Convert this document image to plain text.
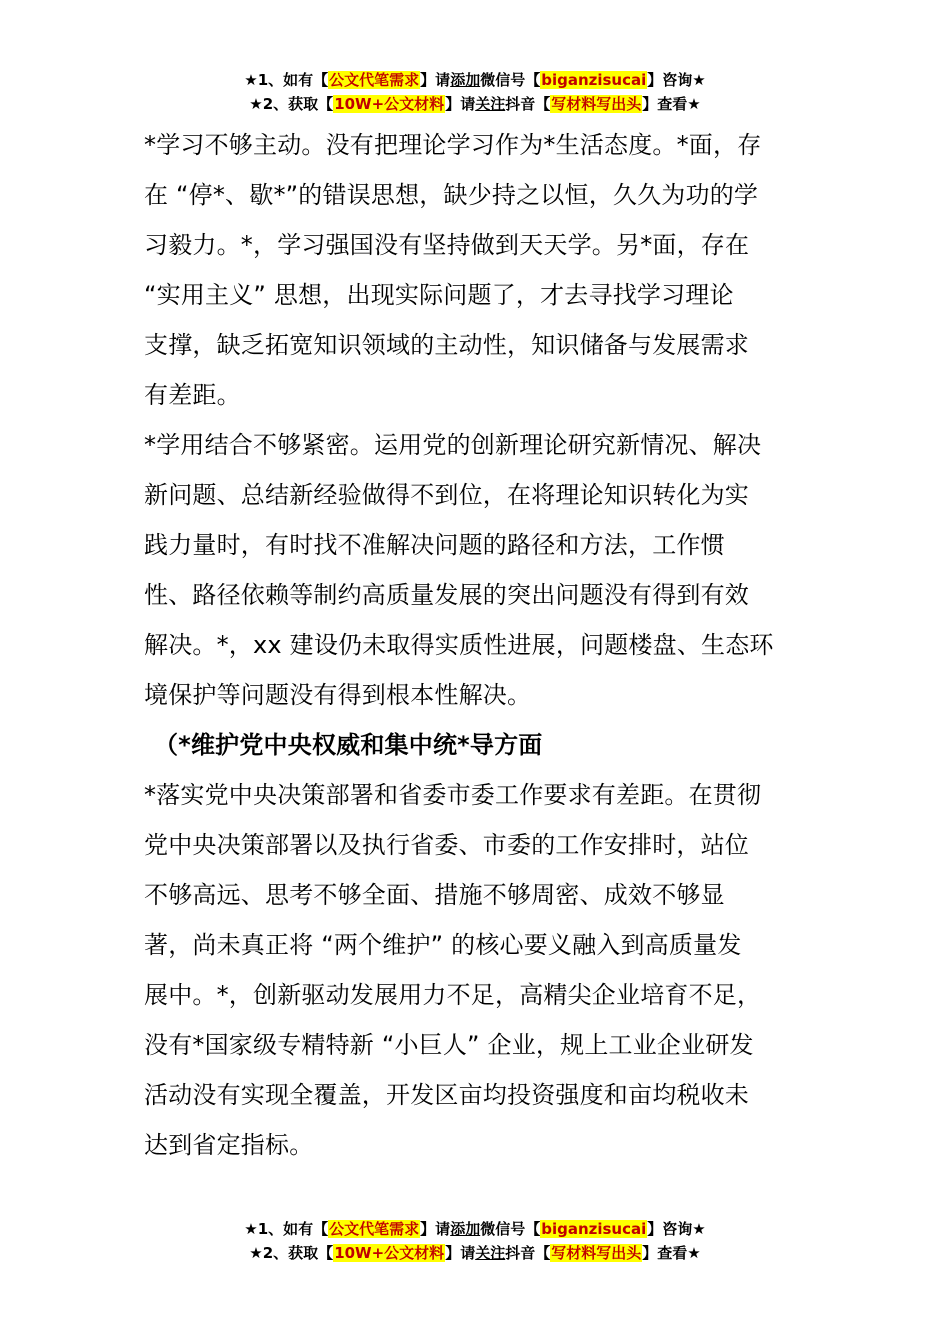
★1、如有【公文代笔需求】请添加微信号【biganzisucai】咨询★
★2、获取【10W+公文材料】请关注抖音【写材料写出头】查看★
*学习不够主动。没有把理论学习作为*生活态度。*面，存
在 “停*、歇*”的错误思想，缺少持之以恒，久久为功的学
习毅力。*，学习强国没有坚持做到天天学。另*面，存在
“实用主义” 思想，出现实际问题了，才去寻找学习理论
支撑，缺乏拓宽知识领域的主动性，知识储备与发展需求
有差距。
*学用结合不够紧密。运用党的创新理论研究新情况、解决
新问题、总结新经验做得不到位，在将理论知识转化为实
践力量时，有时找不准解决问题的路径和方法，工作惯
性、路径依赖等制约高质量发展的突出问题没有得到有效
解决。*，xx 建设仍未取得实质性进展，问题楼盘、生态环
境保护等问题没有得到根本性解决。
（*维护党中央权威和集中统*导方面
*落实党中央决策部署和省委市委工作要求有差距。在贯彻
党中央决策部署以及执行省委、市委的工作安排时，站位
不够高远、思考不够全面、措施不够周密、成效不够显
著，尚未真正将 “两个维护” 的核心要义融入到高质量发
展中。*，创新驱动发展用力不足，高精尖企业培育不足，
没有*国家级专精特新 “小巨人” 企业，规上工业企业研发
活动没有实现全覆盖，开发区亩均投资强度和亩均税收未
达到省定指标。
★1、如有【公文代笔需求】请添加微信号【biganzisucai】咨询★
★2、获取【10W+公文材料】请关注抖音【写材料写出头】查看★
